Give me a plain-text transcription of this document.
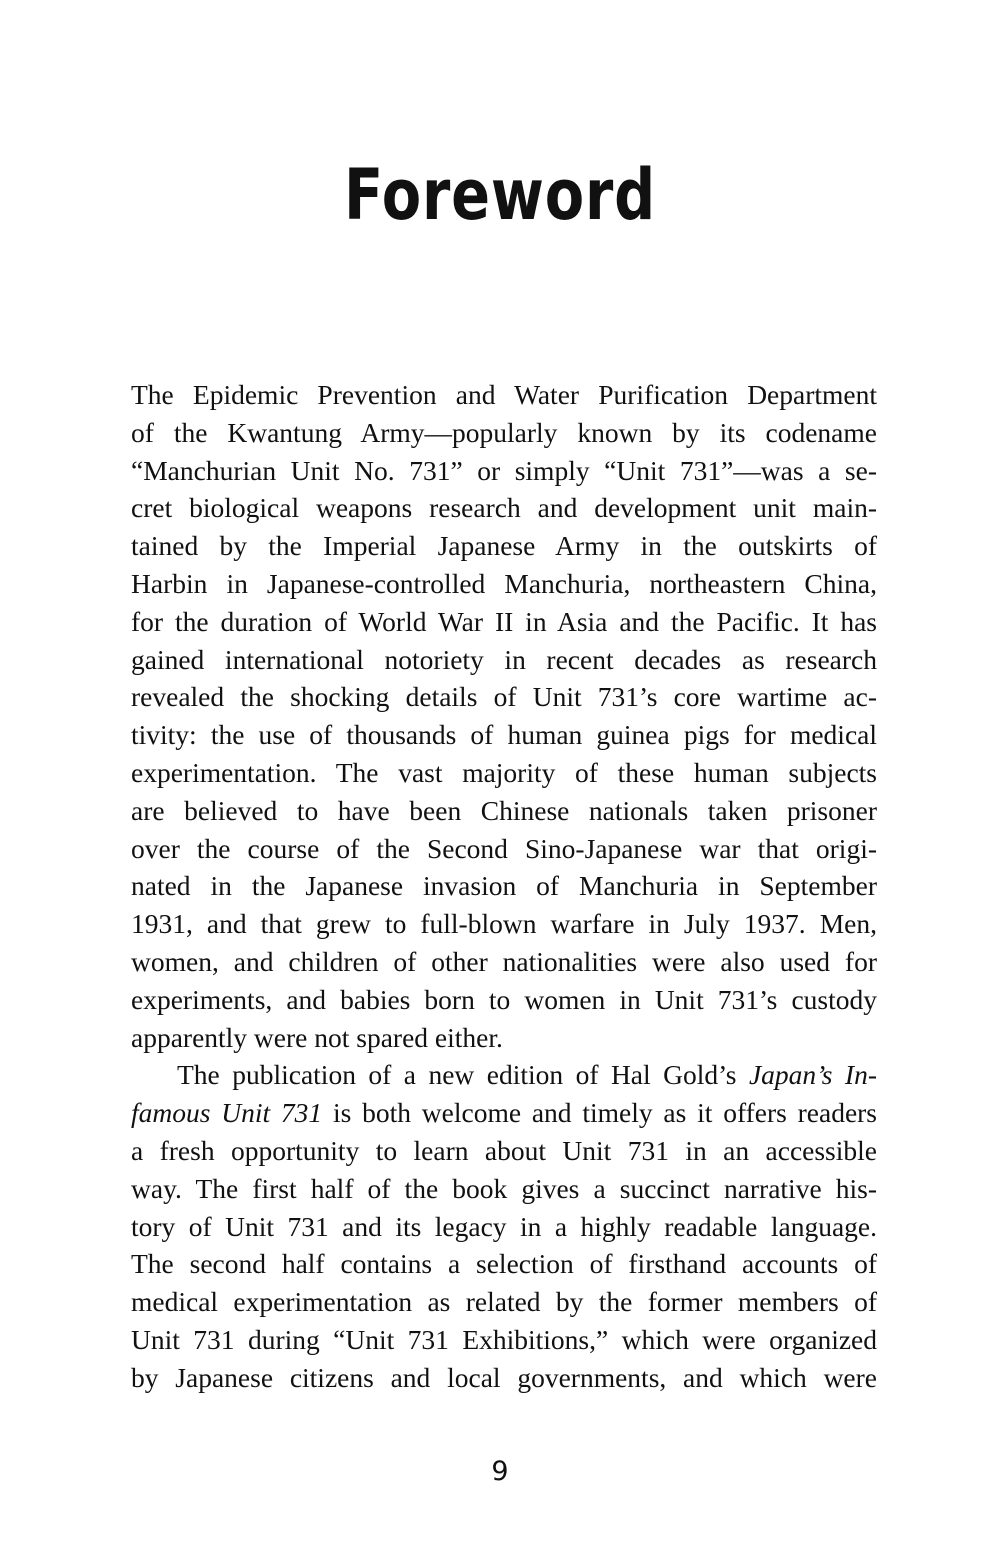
Foreword
The Epidemic Prevention and Water Purification Department
of the Kwantung Army—popularly known by its codename
“Manchurian Unit No. 731” or simply “Unit 731”—was a se-
cret biological weapons research and development unit main-
tained by the Imperial Japanese Army in the outskirts of
Harbin in Japanese-controlled Manchuria, northeastern China,
for the duration of World War II in Asia and the Pacific. It has
gained international notoriety in recent decades as research
revealed the shocking details of Unit 731’s core wartime ac-
tivity: the use of thousands of human guinea pigs for medical
experimentation. The vast majority of these human subjects
are believed to have been Chinese nationals taken prisoner
over the course of the Second Sino-Japanese war that origi-
nated in the Japanese invasion of Manchuria in September
1931, and that grew to full-blown warfare in July 1937. Men,
women, and children of other nationalities were also used for
experiments, and babies born to women in Unit 731’s custody
apparently were not spared either.
The publication of a new edition of Hal Gold’s Japan’s In-
famous Unit 731 is both welcome and timely as it offers readers
a fresh opportunity to learn about Unit 731 in an accessible
way. The first half of the book gives a succinct narrative his-
tory of Unit 731 and its legacy in a highly readable language.
The second half contains a selection of firsthand accounts of
medical experimentation as related by the former members of
Unit 731 during “Unit 731 Exhibitions,” which were organized
by Japanese citizens and local governments, and which were
9
